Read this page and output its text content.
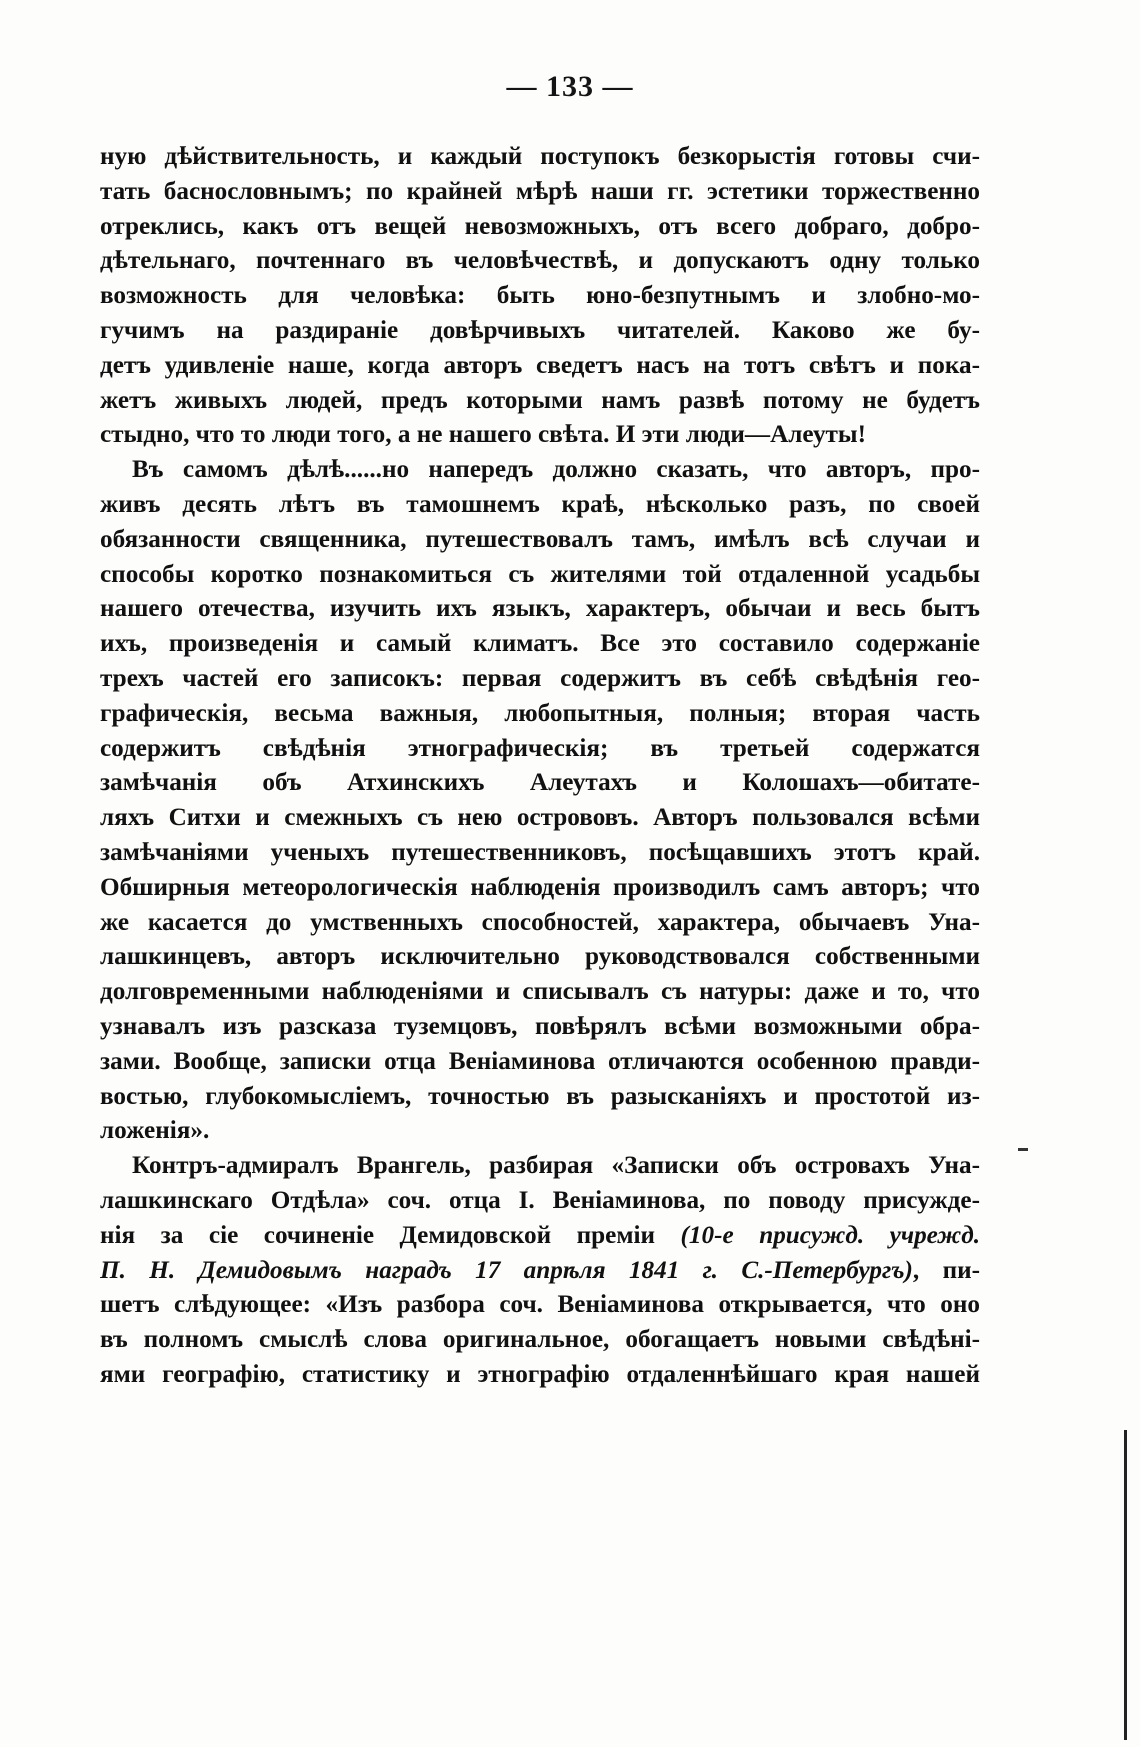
— 133 —
ную дѣйствительность, и каждый поступокъ безкорыстія готовы счи-
тать баснословнымъ; по крайней мѣрѣ наши гг. эстетики торжественно
отреклись, какъ отъ вещей невозможныхъ, отъ всего добраго, добро-
дѣтельнаго, почтеннаго въ человѣчествѣ, и допускаютъ одну только
возможность для человѣка: быть юно-безпутнымъ и злобно-мо-
гучимъ на раздираніе довѣрчивыхъ читателей. Каково же бу-
детъ удивленіе наше, когда авторъ сведетъ насъ на тотъ свѣтъ и пока-
жетъ живыхъ людей, предъ которыми намъ развѣ потому не будетъ
стыдно, что то люди того, а не нашего свѣта. И эти люди—Алеуты!
Въ самомъ дѣлѣ......но напередъ должно сказать, что авторъ, про-
живъ десять лѣтъ въ тамошнемъ краѣ, нѣсколько разъ, по своей
обязанности священника, путешествовалъ тамъ, имѣлъ всѣ случаи и
способы коротко познакомиться съ жителями той отдаленной усадьбы
нашего отечества, изучить ихъ языкъ, характеръ, обычаи и весь бытъ
ихъ, произведенія и самый климатъ. Все это составило содержаніе
трехъ частей его записокъ: первая содержитъ въ себѣ свѣдѣнія гео-
графическія, весьма важныя, любопытныя, полныя; вторая часть
содержитъ свѣдѣнія этнографическія; въ третьей содержатся
замѣчанія объ Атхинскихъ Алеутахъ и Колошахъ—обитате-
ляхъ Ситхи и смежныхъ съ нею острововъ. Авторъ пользовался всѣми
замѣчаніями ученыхъ путешественниковъ, посѣщавшихъ этотъ край.
Обширныя метеорологическія наблюденія производилъ самъ авторъ; что
же касается до умственныхъ способностей, характера, обычаевъ Уна-
лашкинцевъ, авторъ исключительно руководствовался собственными
долговременными наблюденіями и списывалъ съ натуры: даже и то, что
узнавалъ изъ разсказа туземцовъ, повѣрялъ всѣми возможными обра-
зами. Вообще, записки отца Веніаминова отличаются особенною правди-
востью, глубокомысліемъ, точностью въ разысканіяхъ и простотой из-
ложенія».
Контръ-адмиралъ Врангель, разбирая «Записки объ островахъ Уна-
лашкинскаго Отдѣла» соч. отца I. Веніаминова, по поводу присужде-
нія за сіе сочиненіе Демидовской преміи (10-е присужд. учрежд.
П. Н. Демидовымъ наградъ 17 апрѣля 1841 г. С.-Петербургъ), пи-
шетъ слѣдующее: «Изъ разбора соч. Веніаминова открывается, что оно
въ полномъ смыслѣ слова оригинальное, обогащаетъ новыми свѣдѣні-
ями географію, статистику и этнографію отдаленнѣйшаго края нашей
